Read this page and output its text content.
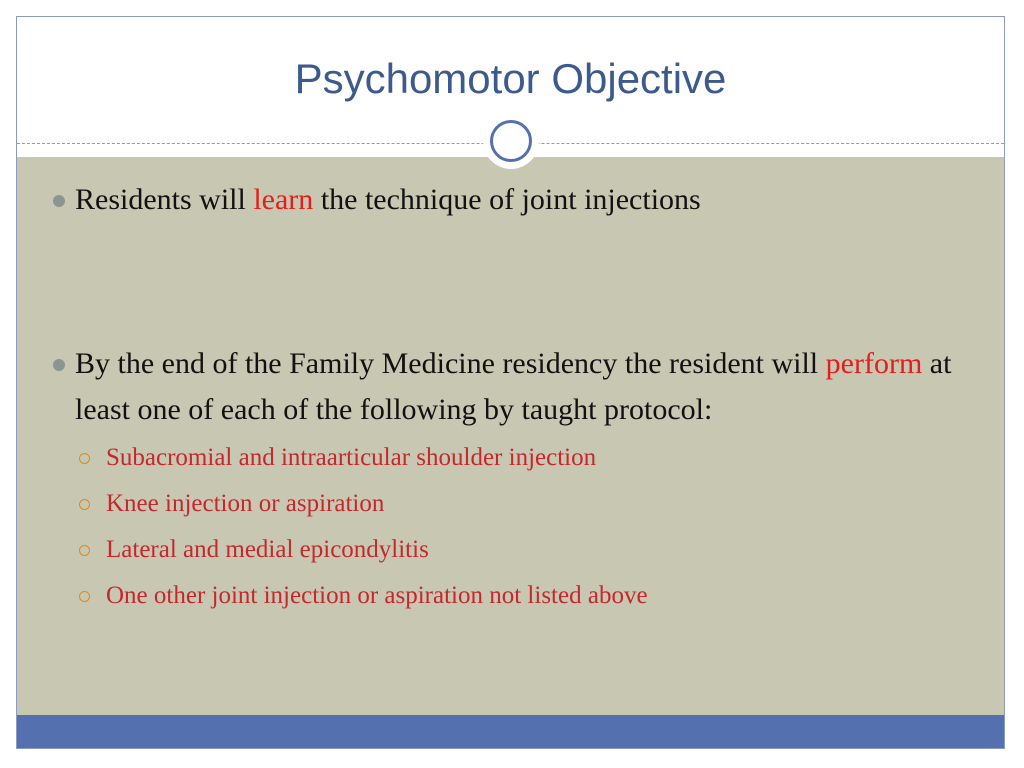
Psychomotor Objective
Residents will learn the technique of joint injections
By the end of the Family Medicine residency the resident will perform at least one of each of the following by taught protocol:
Subacromial and intraarticular shoulder injection
Knee injection or aspiration
Lateral and medial epicondylitis
One other joint injection or aspiration not listed above
